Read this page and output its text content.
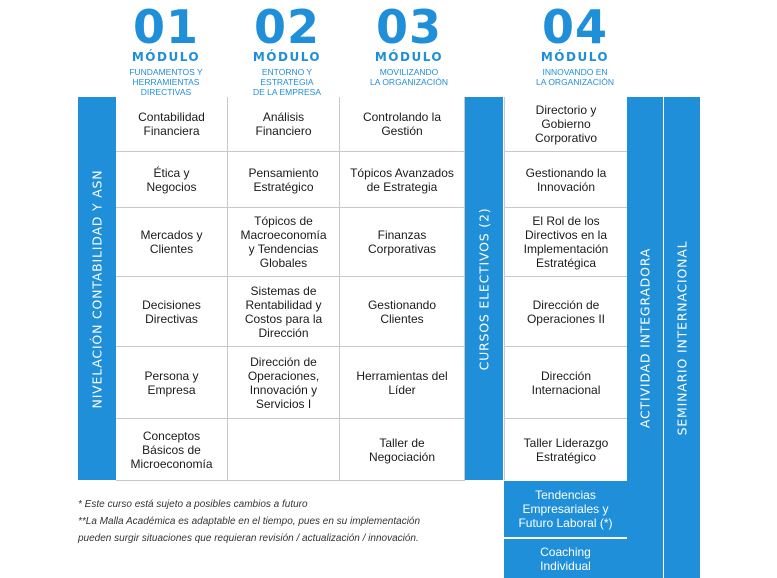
01
MÓDULO
FUNDAMENTOS Y
HERRAMIENTAS
DIRECTIVAS
02
MÓDULO
ENTORNO Y
ESTRATEGIA
DE LA EMPRESA
03
MÓDULO
MOVILIZANDO
LA ORGANIZACIÓN
04
MÓDULO
INNOVANDO EN
LA ORGANIZACIÓN
NIVELACIÓN CONTABILIDAD Y ASN	CURSOS ELECTIVOS (2)	ACTIVIDAD INTEGRADORA SEMINARIO INTERNACIONAL
Contabilidad
Financiera
Ética y
Negocios
Mercados y
Clientes
Decisiones
Directivas
Persona y
Empresa
Conceptos
Básicos de
Microeconomía
Análisis
Financiero
Pensamiento
Estratégico
Tópicos de
Macroeconomía
y Tendencias
Globales
Sistemas de
Rentabilidad y
Costos para la
Dirección
Dirección de
Operaciones,
Innovación y
Servicios I
Controlando la
Gestión
Tópicos Avanzados
de Estrategia
Finanzas
Corporativas
Gestionando
Clientes
Herramientas del
Líder
Taller de
Negociación
Directorio y
Gobierno
Corporativo
Gestionando la
Innovación
El Rol de los
Directivos en la
Implementación
Estratégica
Dirección de
Operaciones II
Dirección
Internacional
Taller Liderazgo
Estratégico
Tendencias
Empresariales y
Futuro Laboral (*)
Coaching
Individual
* Este curso está sujeto a posibles cambios a futuro
**La Malla Académica es adaptable en el tiempo, pues en su implementación
pueden surgir situaciones que requieran revisión / actualización / innovación.
